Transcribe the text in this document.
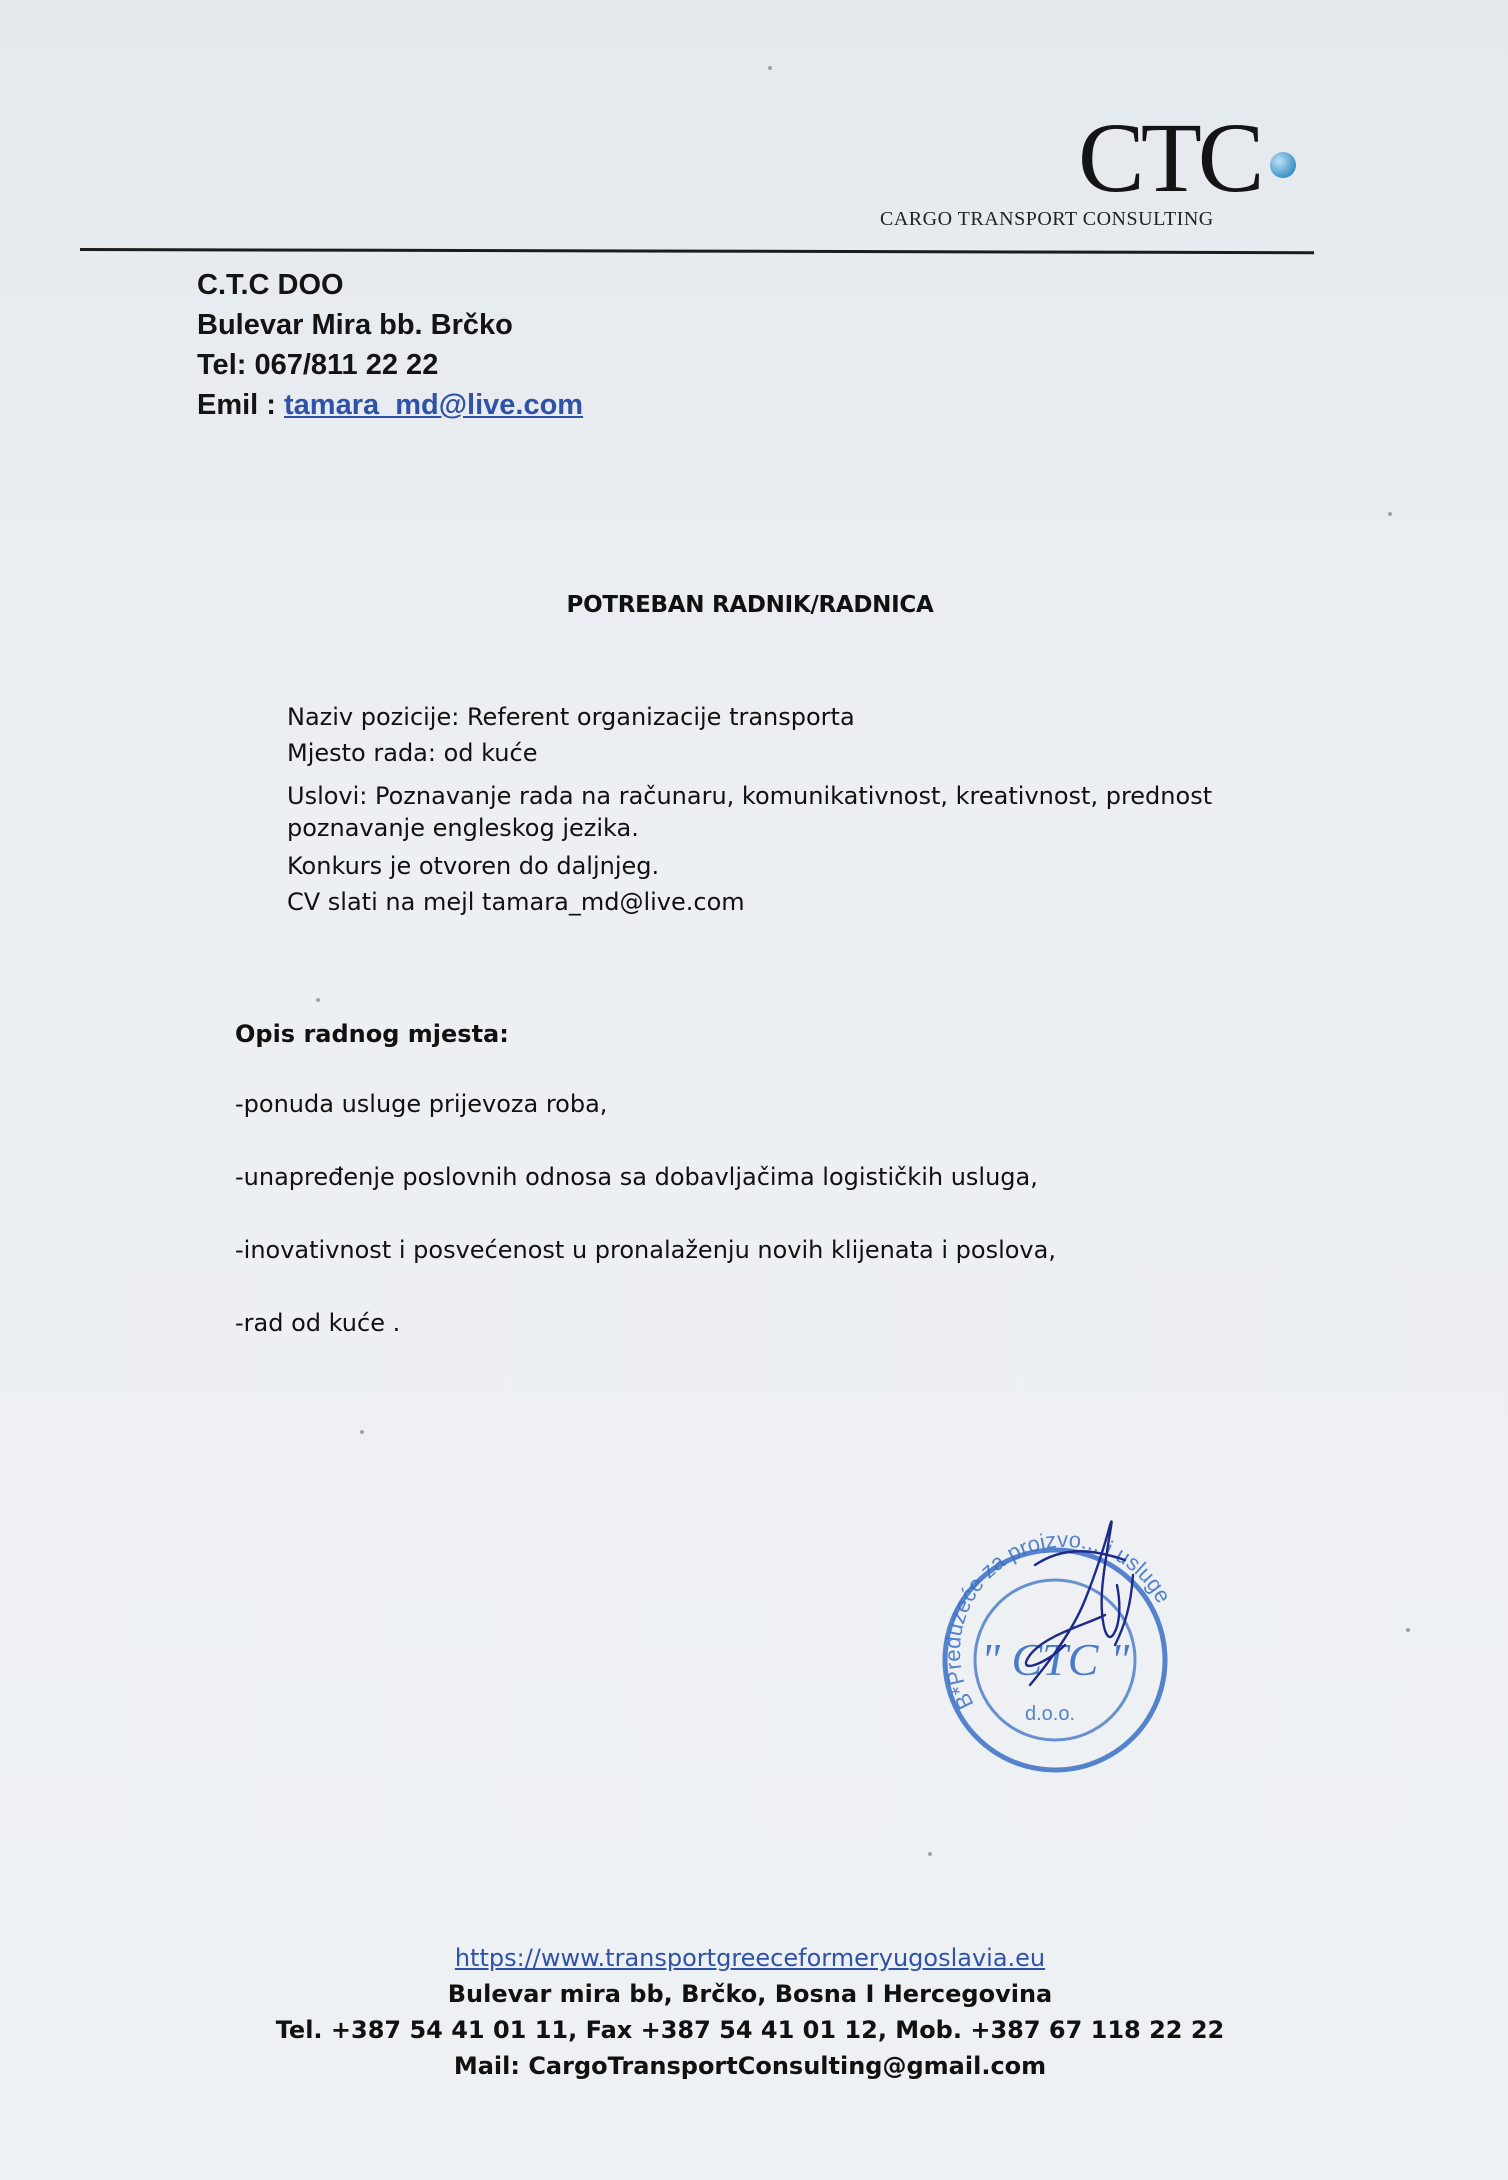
CTC
CARGO TRANSPORT CONSULTING
C.T.C DOO
Bulevar Mira bb. Brčko
Tel: 067/811 22 22
Emil : tamara_md@live.com
POTREBAN RADNIK/RADNICA
Naziv pozicije: Referent organizacije transporta
Mjesto rada: od kuće
Uslovi: Poznavanje rada na računaru, komunikativnost, kreativnost, prednost
poznavanje engleskog jezika.
Konkurs je otvoren do daljnjeg.
CV slati na mejl tamara_md@live.com
Opis radnog mjesta:
-ponuda usluge prijevoza roba,
-unapređenje poslovnih odnosa sa dobavljačima logističkih usluga,
-inovativnost i posvećenost u pronalaženju novih klijenata i poslova,
-rad od kuće .
B*Preduzeće za proizvo... i usluge
" CTC "
d.o.o.
https://www.transportgreeceformeryugoslavia.eu
Bulevar mira bb, Brčko, Bosna I Hercegovina
Tel. +387 54 41 01 11, Fax +387 54 41 01 12, Mob. +387 67 118 22 22
Mail: CargoTransportConsulting@gmail.com
